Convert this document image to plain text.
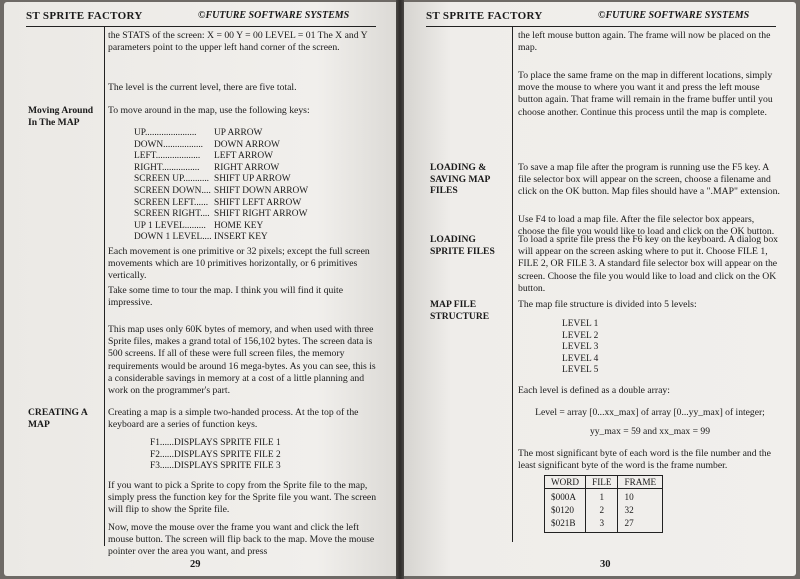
ST SPRITE FACTORY	©FUTURE SOFTWARE SYSTEMS
the STATS of the screen: X = 00 Y = 00 LEVEL = 01 The X and Y parameters point to the upper left hand corner of the screen.
The level is the current level, there are five total.
Moving Around In The MAP
To move around in the map, use the following keys:
UP......................	UP ARROW
DOWN.................	DOWN ARROW
LEFT...................	LEFT ARROW
RIGHT................	RIGHT ARROW
SCREEN UP........... SHIFT UP ARROW
SCREEN DOWN.... SHIFT DOWN ARROW
SCREEN LEFT...... SHIFT LEFT ARROW
SCREEN RIGHT.... SHIFT RIGHT ARROW
UP 1 LEVEL......... HOME KEY
DOWN 1 LEVEL.... INSERT KEY
Each movement is one primitive or 32 pixels; except the full screen movements which are 10 primitives horizontally, or 6 primitives vertically.
Take some time to tour the map. I think you will find it quite impressive.
This map uses only 60K bytes of memory, and when used with three Sprite files, makes a grand total of 156,102 bytes. The screen data is 500 screens. If all of these were full screen files, the memory requirements would be around 16 mega-bytes. As you can see, this is a considerable savings in memory at a cost of a little planning and work on the programmer's part.
CREATING A MAP
Creating a map is a simple two-handed process. At the top of the keyboard are a series of function keys.
F1......DISPLAYS SPRITE FILE 1
F2......DISPLAYS SPRITE FILE 2
F3......DISPLAYS SPRITE FILE 3
If you want to pick a Sprite to copy from the Sprite file to the map, simply press the function key for the Sprite file you want. The screen will flip to show the Sprite file.
Now, move the mouse over the frame you want and click the left mouse button. The screen will flip back to the map. Move the mouse pointer over the area you want, and press
29
ST SPRITE FACTORY	©FUTURE SOFTWARE SYSTEMS
the left mouse button again. The frame will now be placed on the map.
To place the same frame on the map in different locations, simply move the mouse to where you want it and press the left mouse button again. That frame will remain in the frame buffer until you choose another. Continue this process until the map is complete.
LOADING & SAVING MAP FILES
To save a map file after the program is running use the F5 key. A file selector box will appear on the screen, choose a filename and click on the OK button. Map files should have a ".MAP" extension.
Use F4 to load a map file. After the file selector box appears, choose the file you would like to load and click on the OK button.
LOADING SPRITE FILES
To load a sprite file press the F6 key on the keyboard. A dialog box will appear on the screen asking where to put it. Choose FILE 1, FILE 2, OR FILE 3. A standard file selector box will appear on the screen. Choose the file you would like to load and click on the OK button.
MAP FILE STRUCTURE
The map file structure is divided into 5 levels:
LEVEL 1
LEVEL 2
LEVEL 3
LEVEL 4
LEVEL 5
Each level is defined as a double array:
Level = array [0...xx_max] of array [0...yy_max] of integer;
yy_max = 59 and xx_max = 99
The most significant byte of each word is the file number and the least significant byte of the word is the frame number.
WORD	FILE	FRAME
$000A	1	10
$0120	2	32
$021B	3	27
30
